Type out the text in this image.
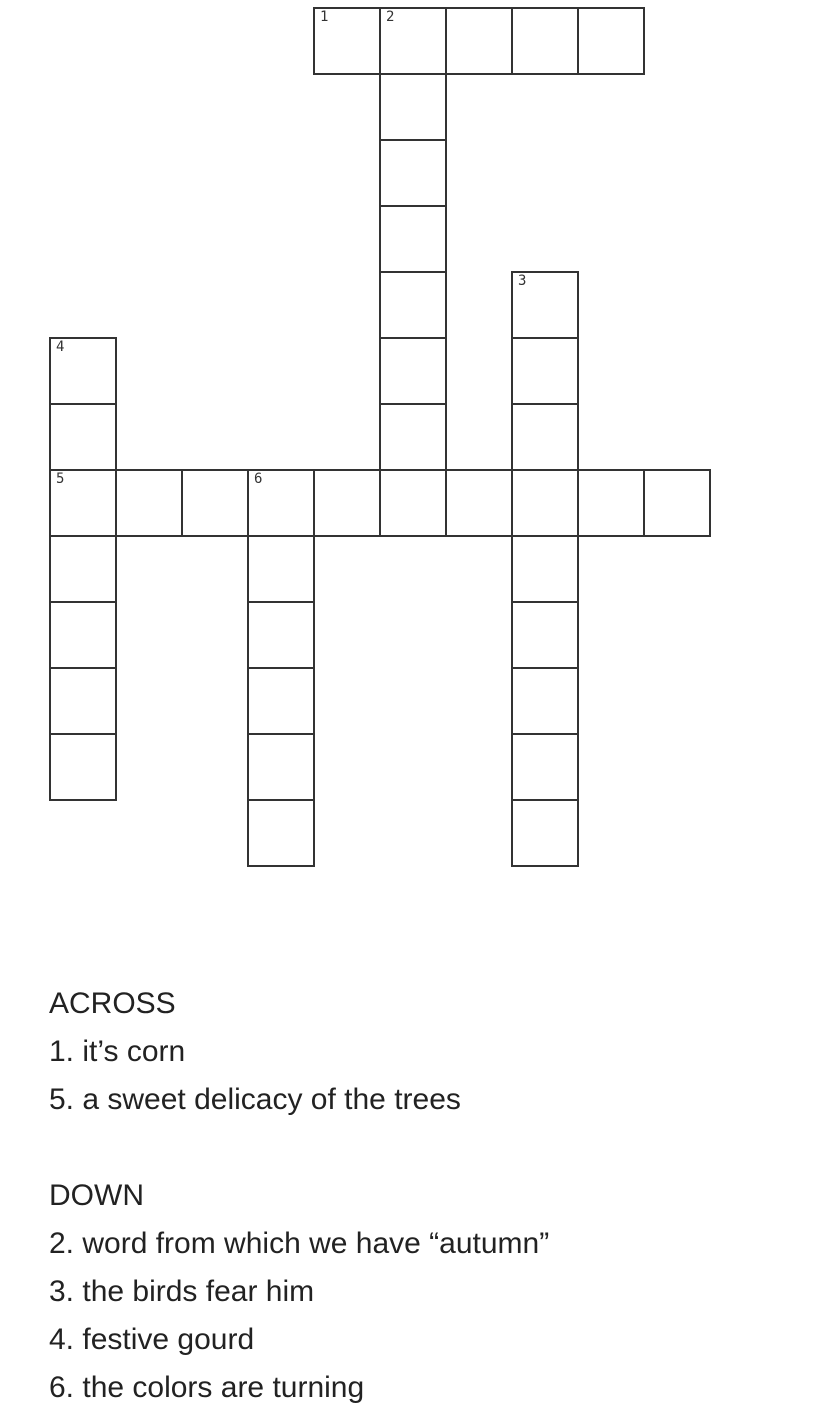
1	2
3
4
5	6
ACROSS
1. it’s corn
5. a sweet delicacy of the trees
DOWN
2. word from which we have “autumn”
3. the birds fear him
4. festive gourd
6. the colors are turning
